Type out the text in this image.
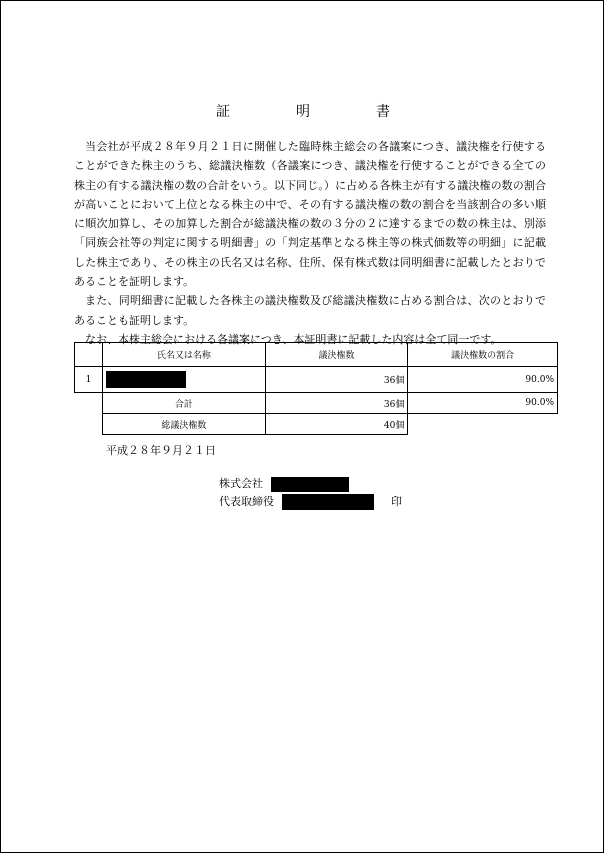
証　明　書

当会社が平成２８年９月２１日に開催した臨時株主総会の各議案につき、議決権を行使することができた株主のうち、総議決権数（各議案につき、議決権を行使することができる全ての株主の有する議決権の数の合計をいう。以下同じ。）に占める各株主が有する議決権の数の割合が高いことにおいて上位となる株主の中で、その有する議決権の数の割合を当該割合の多い順に順次加算し、その加算した割合が総議決権の数の３分の２に達するまでの数の株主は、別添「同族会社等の判定に関する明細書」の「判定基準となる株主等の株式価数等の明細」に記載した株主であり、その株主の氏名又は名称、住所、保有株式数は同明細書に記載したとおりであることを証明します。

また、同明細書に記載した各株主の議決権数及び総議決権数に占める割合は、次のとおりであることも証明します。

なお、本株主総会における各議案につき、本証明書に記載した内容は全て同一です。

	氏名又は名称	議決権数	議決権数の割合
1		36個	90.0%
	合計	36個	90.0%
	総議決権数	40個	
平成２８年９月２１日
株式会社
代表取締役	印
